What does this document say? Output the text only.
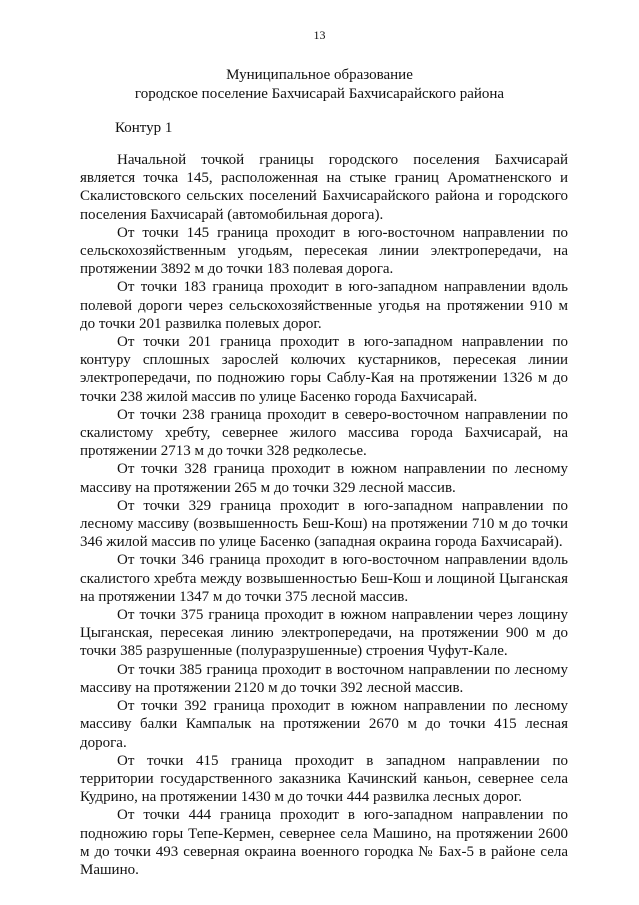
13
Муниципальное образование
городское поселение Бахчисарай Бахчисарайского района
Контур 1

Начальной точкой границы городского поселения Бахчисарай является точка 145, расположенная на стыке границ Ароматненского и Скалистовского сельских поселений Бахчисарайского района и городского поселения Бахчисарай (автомобильная дорога).

От точки 145 граница проходит в юго-восточном направлении по сельскохозяйственным угодьям, пересекая линии электропередачи, на протяжении 3892 м до точки 183 полевая дорога.

От точки 183 граница проходит в юго-западном направлении вдоль полевой дороги через сельскохозяйственные угодья на протяжении 910 м до точки 201 развилка полевых дорог.

От точки 201 граница проходит в юго-западном направлении по контуру сплошных зарослей колючих кустарников, пересекая линии электропередачи, по подножию горы Саблу-Кая на протяжении 1326 м до точки 238 жилой массив по улице Басенко города Бахчисарай.

От точки 238 граница проходит в северо-восточном направлении по скалистому хребту, севернее жилого массива города Бахчисарай, на протяжении 2713 м до точки 328 редколесье.

От точки 328 граница проходит в южном направлении по лесному массиву на протяжении 265 м до точки 329 лесной массив.

От точки 329 граница проходит в юго-западном направлении по лесному массиву (возвышенность Беш-Кош) на протяжении 710 м до точки 346 жилой массив по улице Басенко (западная окраина города Бахчисарай).

От точки 346 граница проходит в юго-восточном направлении вдоль скалистого хребта между возвышенностью Беш-Кош и лощиной Цыганская на протяжении 1347 м до точки 375 лесной массив.

От точки 375 граница проходит в южном направлении через лощину Цыганская, пересекая линию электропередачи, на протяжении 900 м до точки 385 разрушенные (полуразрушенные) строения Чуфут-Кале.

От точки 385 граница проходит в восточном направлении по лесному массиву на протяжении 2120 м до точки 392 лесной массив.

От точки 392 граница проходит в южном направлении по лесному массиву балки Кампалык на протяжении 2670 м до точки 415 лесная дорога.

От точки 415 граница проходит в западном направлении по территории государственного заказника Качинский каньон, севернее села Кудрино, на протяжении 1430 м до точки 444 развилка лесных дорог.

От точки 444 граница проходит в юго-западном направлении по подножию горы Тепе-Кермен, севернее села Машино, на протяжении 2600 м до точки 493 северная окраина военного городка № Бах-5 в районе села Машино.
